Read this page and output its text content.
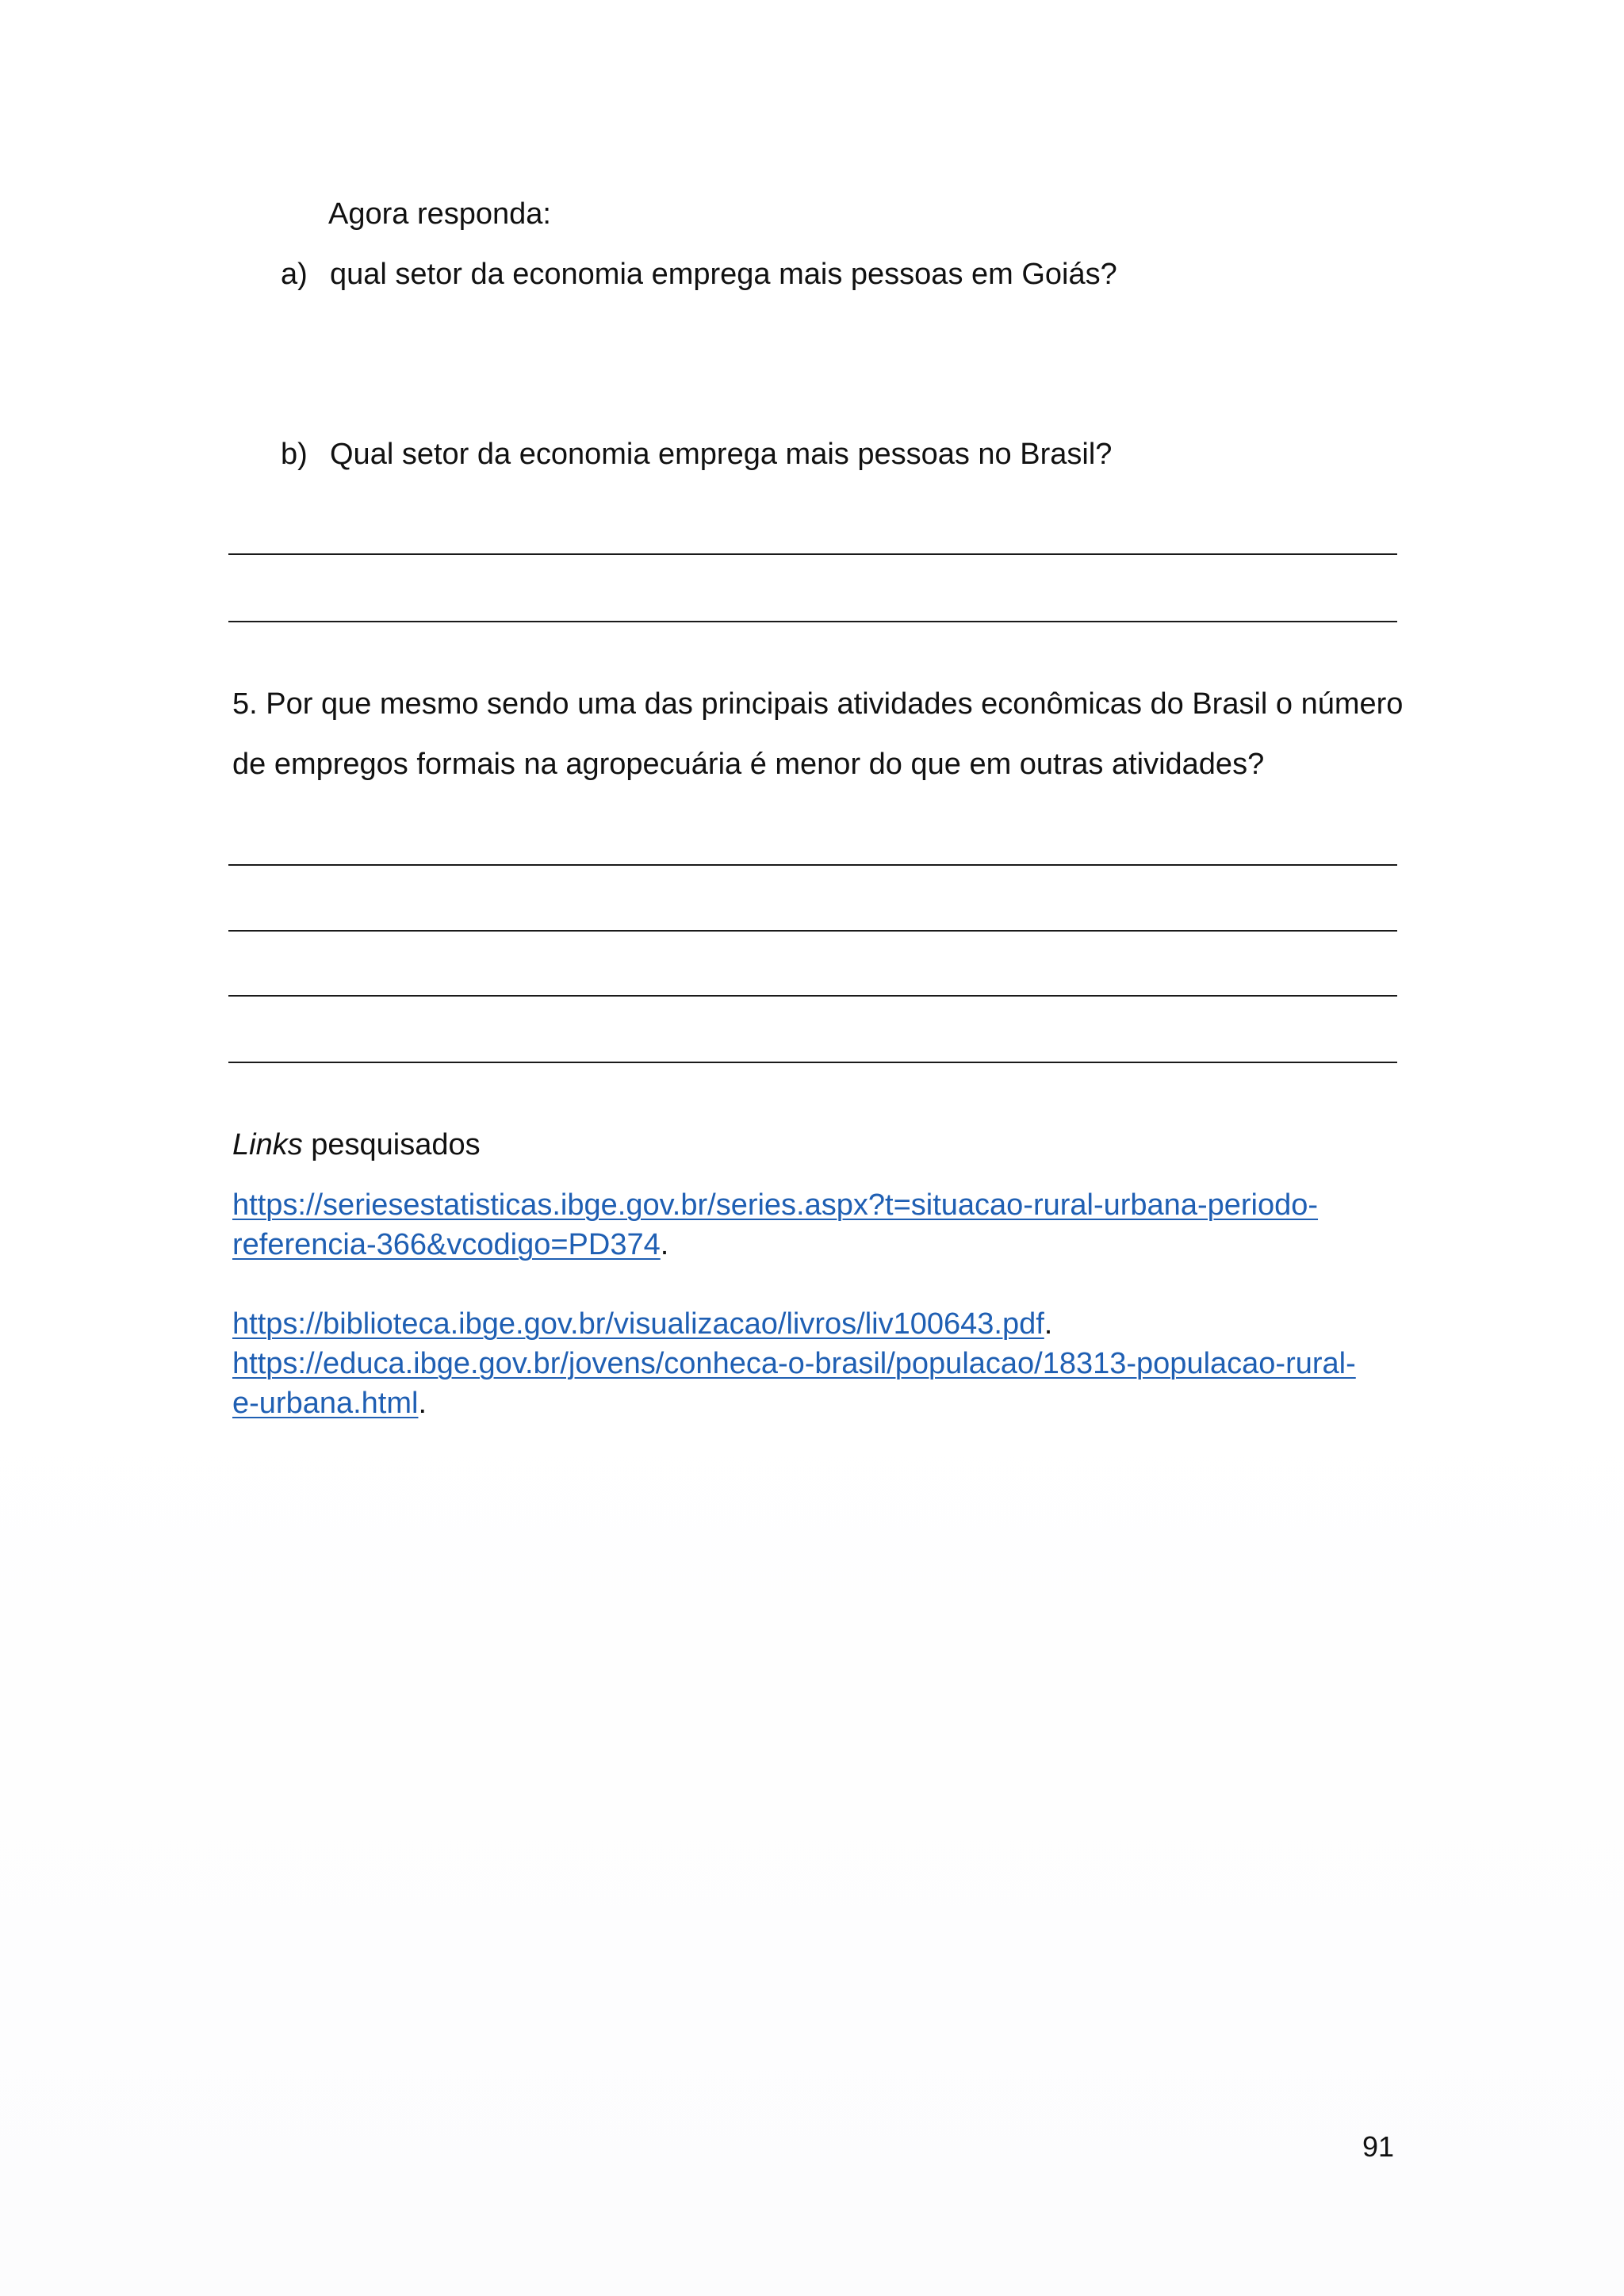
Agora responda:
a) qual setor da economia emprega mais pessoas em Goiás?
b) Qual setor da economia emprega mais pessoas no Brasil?
5. Por que mesmo sendo uma das principais atividades econômicas do Brasil o número
de empregos formais na agropecuária é menor do que em outras atividades?
Links pesquisados
https://seriesestatisticas.ibge.gov.br/series.aspx?t=situacao-rural-urbana-periodo-
referencia-366&vcodigo=PD374.
https://biblioteca.ibge.gov.br/visualizacao/livros/liv100643.pdf.
https://educa.ibge.gov.br/jovens/conheca-o-brasil/populacao/18313-populacao-rural-
e-urbana.html.
91
